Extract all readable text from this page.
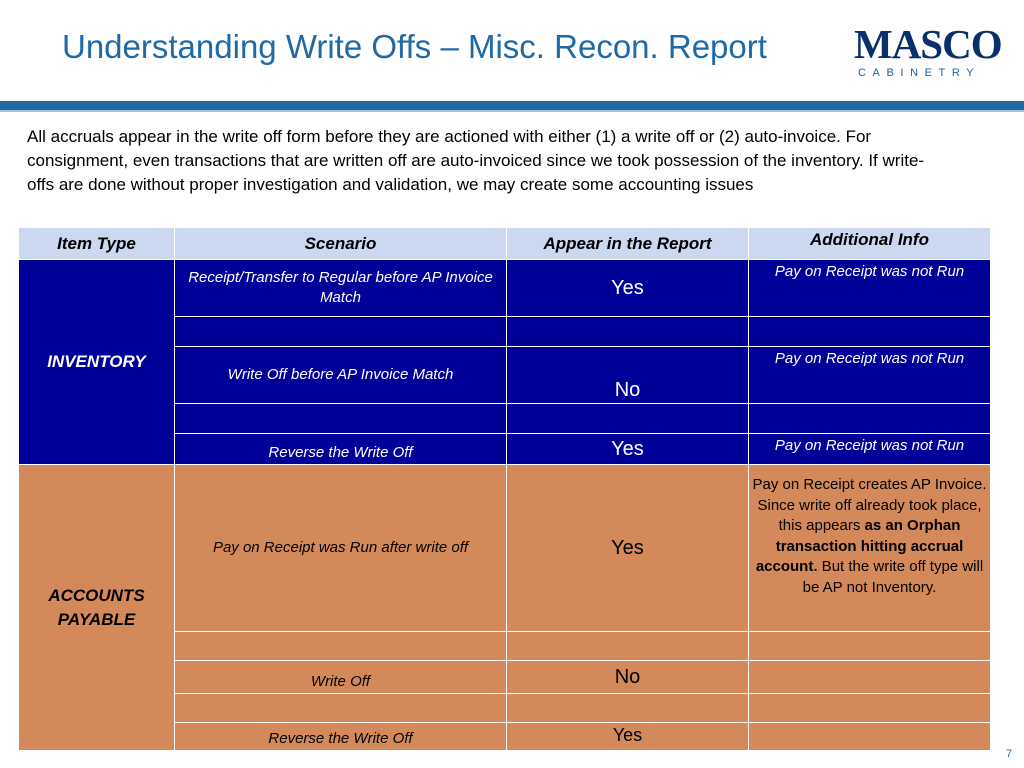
Understanding Write Offs – Misc. Recon. Report MASCO
CABINETRY

All accruals appear in the write off form before they are actioned with either (1) a write off or (2) auto-invoice. For consignment, even transactions that are written off are auto-invoiced since we took possession of the inventory. If write-offs are done without proper investigation and validation, we may create some accounting issues

Item Type	Scenario	Appear in the Report	Additional Info
INVENTORY	Receipt/Transfer to Regular before AP Invoice Match	Yes	Pay on Receipt was not Run

	Write Off before AP Invoice Match	No	Pay on Receipt was not Run

	Reverse the Write Off	Yes	Pay on Receipt was not Run
ACCOUNTS PAYABLE	Pay on Receipt was Run after write off	Yes	Pay on Receipt creates AP Invoice. Since write off already took place, this appears as an Orphan transaction hitting accrual account. But the write off type will be AP not Inventory.

	Write Off	No	

	Reverse the Write Off	Yes	
7
